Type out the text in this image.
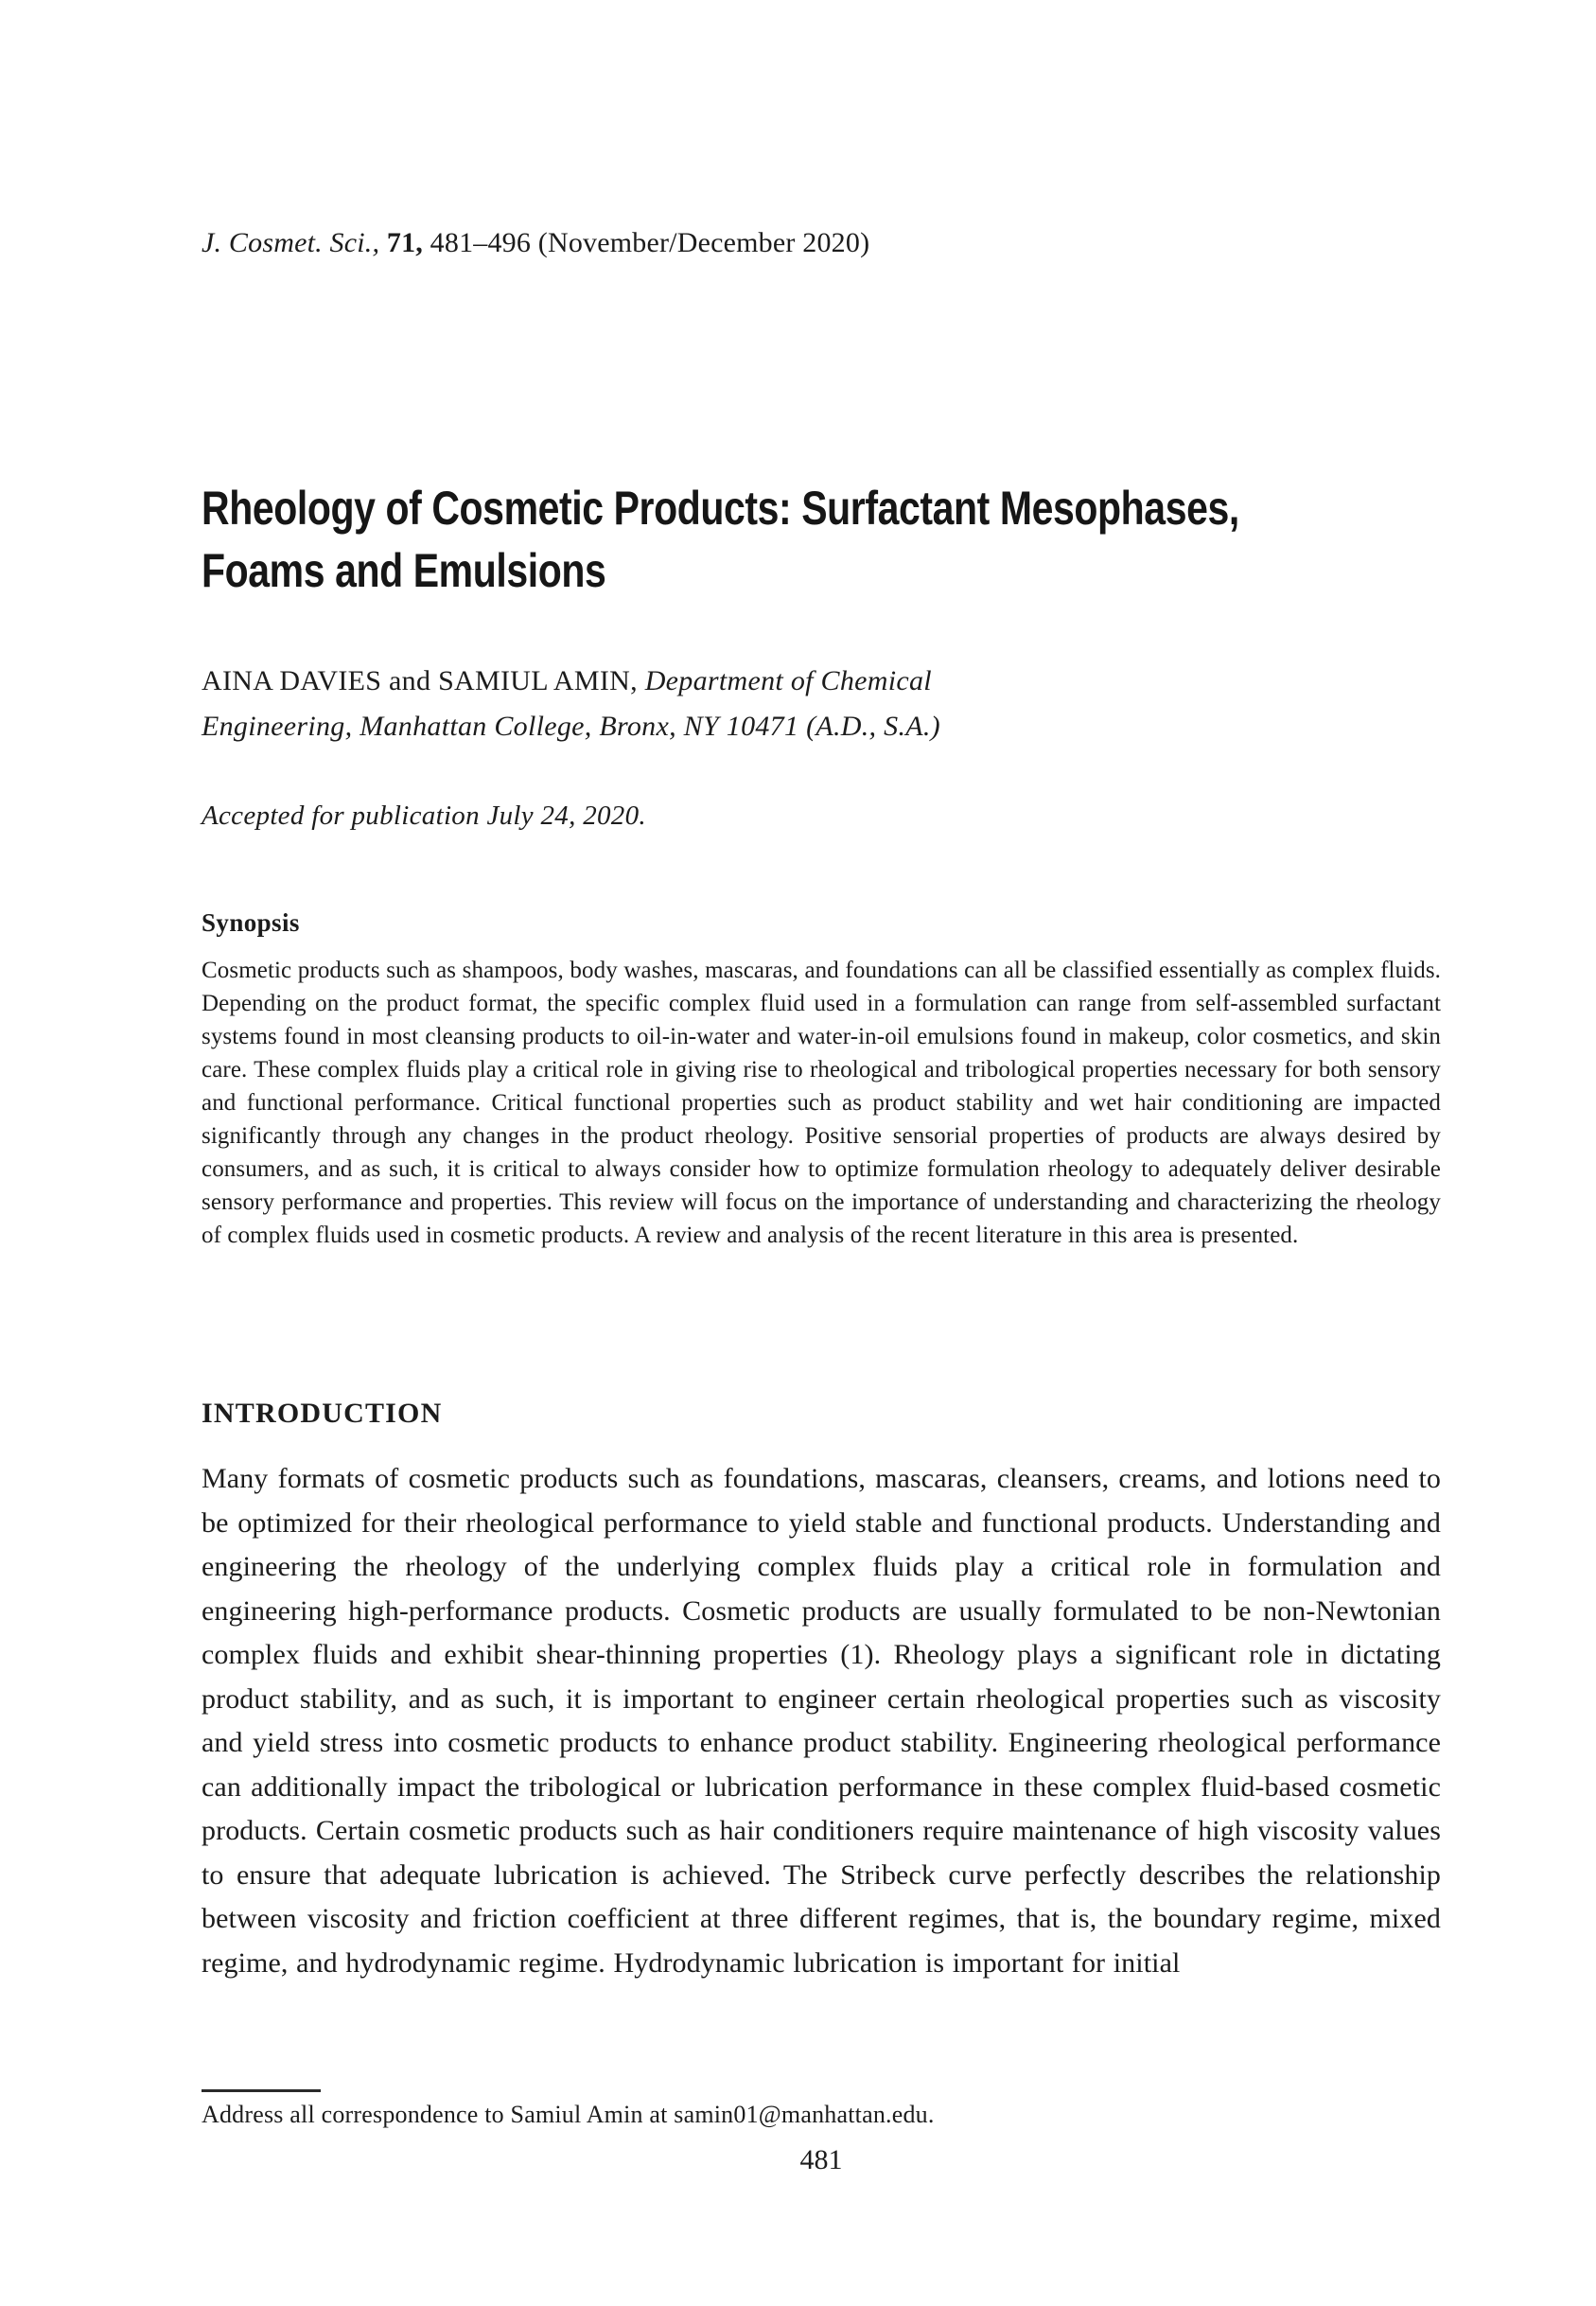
J. Cosmet. Sci., 71, 481–496 (November/December 2020)
Rheology of Cosmetic Products: Surfactant Mesophases,
Foams and Emulsions
AINA DAVIES and SAMIUL AMIN, Department of Chemical
Engineering, Manhattan College, Bronx, NY 10471 (A.D., S.A.)
Accepted for publication July 24, 2020.
Synopsis

Cosmetic products such as shampoos, body washes, mascaras, and foundations can all be classified essentially as complex fluids. Depending on the product format, the specific complex fluid used in a formulation can range from self-assembled surfactant systems found in most cleansing products to oil-in-water and water-in-oil emulsions found in makeup, color cosmetics, and skin care. These complex fluids play a critical role in giving rise to rheological and tribological properties necessary for both sensory and functional performance. Critical functional properties such as product stability and wet hair conditioning are impacted significantly through any changes in the product rheology. Positive sensorial properties of products are always desired by consumers, and as such, it is critical to always consider how to optimize formulation rheology to adequately deliver desirable sensory performance and properties. This review will focus on the importance of understanding and characterizing the rheology of complex fluids used in cosmetic products. A review and analysis of the recent literature in this area is presented.

INTRODUCTION

Many formats of cosmetic products such as foundations, mascaras, cleansers, creams, and lotions need to be optimized for their rheological performance to yield stable and functional products. Understanding and engineering the rheology of the underlying complex fluids play a critical role in formulation and engineering high-performance products. Cosmetic products are usually formulated to be non-Newtonian complex fluids and exhibit shear-thinning properties (1). Rheology plays a significant role in dictating product stability, and as such, it is important to engineer certain rheological properties such as viscosity and yield stress into cosmetic products to enhance product stability. Engineering rheological performance can additionally impact the tribological or lubrication performance in these complex fluid-based cosmetic products. Certain cosmetic products such as hair conditioners require maintenance of high viscosity values to ensure that adequate lubrication is achieved. The Stribeck curve perfectly describes the relationship between viscosity and friction coefficient at three different regimes, that is, the boundary regime, mixed regime, and hydrodynamic regime. Hydrodynamic lubrication is important for initial

Address all correspondence to Samiul Amin at samin01@manhattan.edu.
481
